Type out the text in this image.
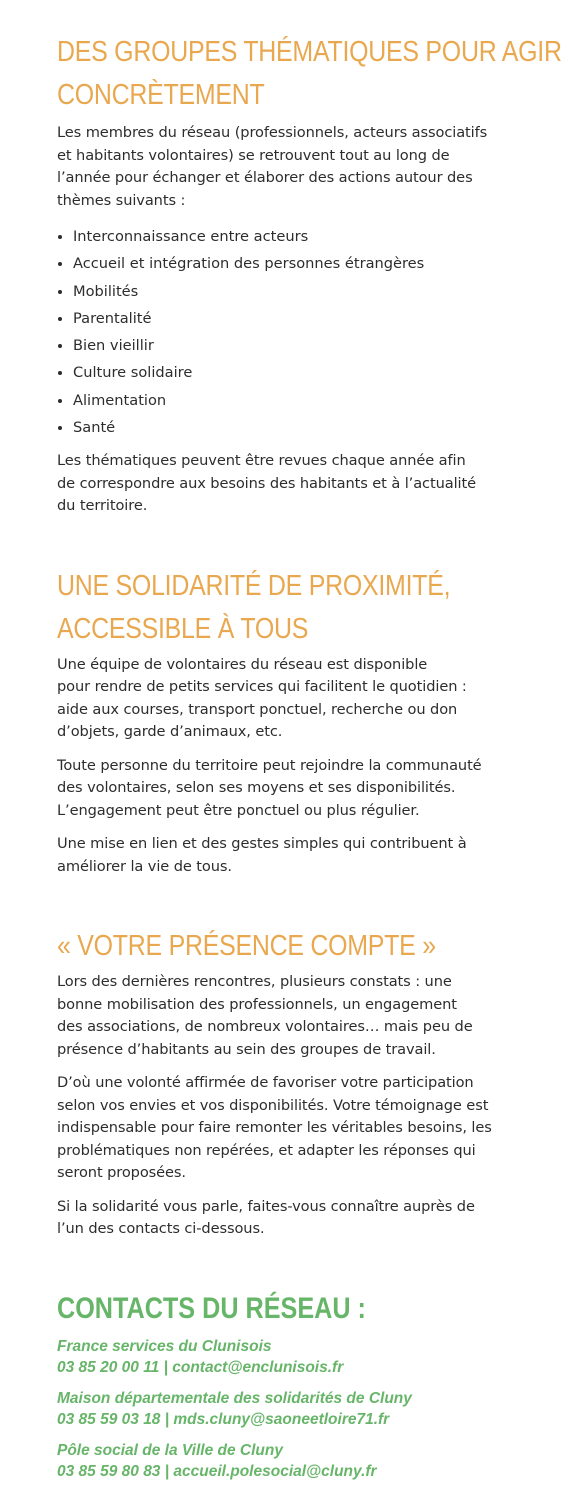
DES GROUPES THÉMATIQUES POUR AGIR
CONCRÈTEMENT

Les membres du réseau (professionnels, acteurs associatifs
et habitants volontaires) se retrouvent tout au long de
l’année pour échanger et élaborer des actions autour des
thèmes suivants :

Interconnaissance entre acteurs
Accueil et intégration des personnes étrangères
Mobilités
Parentalité
Bien vieillir
Culture solidaire
Alimentation
Santé

Les thématiques peuvent être revues chaque année afin
de correspondre aux besoins des habitants et à l’actualité
du territoire.

UNE SOLIDARITÉ DE PROXIMITÉ,
ACCESSIBLE À TOUS

Une équipe de volontaires du réseau est disponible
pour rendre de petits services qui facilitent le quotidien :
aide aux courses, transport ponctuel, recherche ou don
d’objets, garde d’animaux, etc.

Toute personne du territoire peut rejoindre la communauté
des volontaires, selon ses moyens et ses disponibilités.
L’engagement peut être ponctuel ou plus régulier.

Une mise en lien et des gestes simples qui contribuent à
améliorer la vie de tous.

« VOTRE PRÉSENCE COMPTE »

Lors des dernières rencontres, plusieurs constats : une
bonne mobilisation des professionnels, un engagement
des associations, de nombreux volontaires… mais peu de
présence d’habitants au sein des groupes de travail.

D’où une volonté affirmée de favoriser votre participation
selon vos envies et vos disponibilités. Votre témoignage est
indispensable pour faire remonter les véritables besoins, les
problématiques non repérées, et adapter les réponses qui
seront proposées.

Si la solidarité vous parle, faites-vous connaître auprès de
l’un des contacts ci-dessous.

CONTACTS DU RÉSEAU :
France services du Clunisois
03 85 20 00 11 | contact@enclunisois.fr
Maison départementale des solidarités de Cluny
03 85 59 03 18 | mds.cluny@saoneetloire71.fr
Pôle social de la Ville de Cluny
03 85 59 80 83 | accueil.polesocial@cluny.fr
